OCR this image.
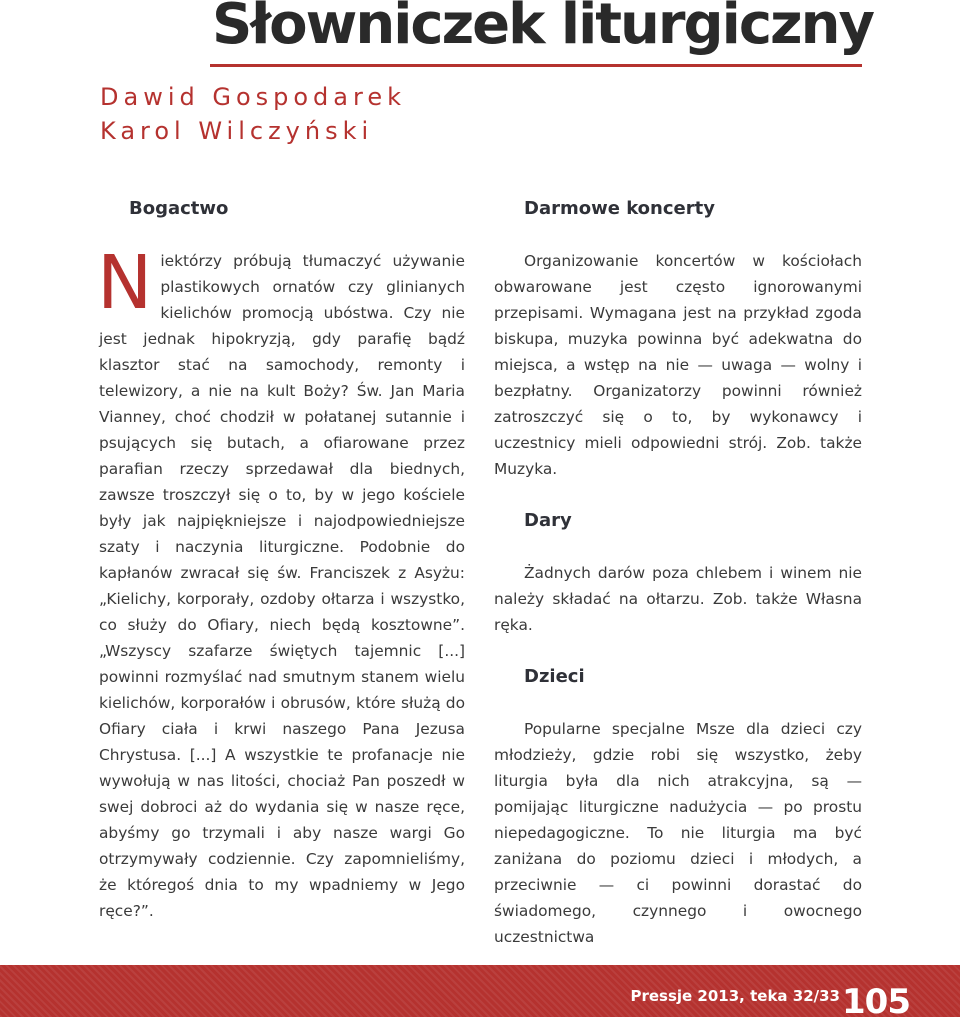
Słowniczek liturgiczny
Dawid Gospodarek
Karol Wilczyński
Bogactwo

Niektórzy próbują tłumaczyć używanie plastikowych ornatów czy glinianych kielichów promocją ubóstwa. Czy nie jest jednak hipokryzją, gdy parafię bądź klasztor stać na samochody, remonty i telewizory, a nie na kult Boży? Św. Jan Maria Vianney, choć chodził w połatanej sutannie i psujących się butach, a ofiarowane przez parafian rzeczy sprzedawał dla biednych, zawsze troszczył się o to, by w jego kościele były jak najpiękniejsze i najodpowiedniejsze szaty i naczynia liturgiczne. Podobnie do kapłanów zwracał się św. Franciszek z Asyżu: „Kielichy, korporały, ozdoby ołtarza i wszystko, co służy do Ofiary, niech będą kosztowne”. „Wszyscy szafarze świętych tajemnic [...] powinni rozmyślać nad smutnym stanem wielu kielichów, korporałów i obrusów, które służą do Ofiary ciała i krwi naszego Pana Jezusa Chrystusa. [...] A wszystkie te profanacje nie wywołują w nas litości, chociaż Pan poszedł w swej dobroci aż do wydania się w nasze ręce, abyśmy go trzymali i aby nasze wargi Go otrzymywały codziennie. Czy zapomnieliśmy, że któregoś dnia to my wpadniemy w Jego ręce?”.

Darmowe koncerty

Organizowanie koncertów w kościołach obwarowane jest często ignorowanymi przepisami. Wymagana jest na przykład zgoda biskupa, muzyka powinna być adekwatna do miejsca, a wstęp na nie — uwaga — wolny i bezpłatny. Organizatorzy powinni również zatroszczyć się o to, by wykonawcy i uczestnicy mieli odpowiedni strój. Zob. także Muzyka.

Dary

Żadnych darów poza chlebem i winem nie należy składać na ołtarzu. Zob. także Własna ręka.

Dzieci

Popularne specjalne Msze dla dzieci czy młodzieży, gdzie robi się wszystko, żeby liturgia była dla nich atrakcyjna, są — pomijając liturgiczne nadużycia — po prostu niepedagogiczne. To nie liturgia ma być zaniżana do poziomu dzieci i młodych, a przeciwnie — ci powinni dorastać do świadomego, czynnego i owocnego uczestnictwa

Pressje 2013, teka 32/33 105
